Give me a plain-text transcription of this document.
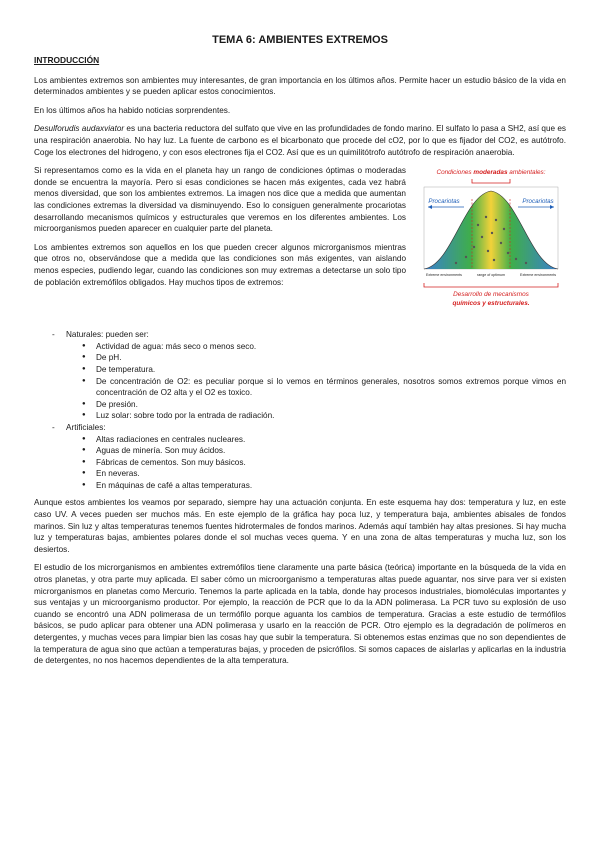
TEMA 6: AMBIENTES EXTREMOS
INTRODUCCIÓN

Los ambientes extremos son ambientes muy interesantes, de gran importancia en los últimos años. Permite hacer un estudio básico de la vida en determinados ambientes y se pueden aplicar estos conocimientos.

En los últimos años ha habido noticias sorprendentes.

Desulforudis audaxviator es una bacteria reductora del sulfato que vive en las profundidades de fondo marino. El sulfato lo pasa a SH2, así que es una respiración anaerobia. No hay luz. La fuente de carbono es el bicarbonato que procede del cO2, por lo que es fijador del CO2, es autótrofo. Coge los electrones del hidrogeno, y con esos electrones fija el CO2. Así que es un quimilitótrofo autótrofo de respiración anaerobia.

Condiciones moderadas ambientales:
Procariotas	Procariotas
Extreme environments	range of optimum	Extreme environments
Desarrollo de mecanismos
químicos y estructurales.

Si representamos como es la vida en el planeta hay un rango de condiciones óptimas o moderadas donde se encuentra la mayoría. Pero si esas condiciones se hacen más exigentes, cada vez habrá menos diversidad, que son los ambientes extremos. La imagen nos dice que a medida que aumentan las condiciones extremas la diversidad va disminuyendo. Eso lo consiguen generalmente procariotas desarrollando mecanismos químicos y estructurales que veremos en los diferentes ambientes. Los microorganismos pueden aparecer en cualquier parte del planeta.

Los ambientes extremos son aquellos en los que pueden crecer algunos microrganismos mientras que otros no, observándose que a medida que las condiciones son más exigentes, van aislando menos especies, pudiendo legar, cuando las condiciones son muy extremas a detectarse un solo tipo de población extremófilos obligados. Hay muchos tipos de extremos:

- Naturales: pueden ser:
● Actividad de agua: más seco o menos seco.
● De pH.
● De temperatura.
● De concentración de O2: es peculiar porque si lo vemos en términos generales, nosotros somos extremos porque vimos en concentración de O2 alta y el O2 es toxico.
● De presión.
● Luz solar: sobre todo por la entrada de radiación.
- Artificiales:
● Altas radiaciones en centrales nucleares.
● Aguas de minería. Son muy ácidos.
● Fábricas de cementos. Son muy básicos.
● En neveras.
● En máquinas de café a altas temperaturas.

Aunque estos ambientes los veamos por separado, siempre hay una actuación conjunta. En este esquema hay dos: temperatura y luz, en este caso UV. A veces pueden ser muchos más. En este ejemplo de la gráfica hay poca luz, y temperatura baja, ambientes abisales de fondos marinos. Sin luz y altas temperaturas tenemos fuentes hidrotermales de fondos marinos. Además aquí también hay altas presiones. Si hay mucha luz y temperaturas bajas, ambientes polares donde el sol muchas veces quema. Y en una zona de altas temperaturas y mucha luz, son los desiertos.

El estudio de los microrganismos en ambientes extremófilos tiene claramente una parte básica (teórica) importante en la búsqueda de la vida en otros planetas, y otra parte muy aplicada. El saber cómo un microorganismo a temperaturas altas puede aguantar, nos sirve para ver si existen microrganismos en planetas como Mercurio. Tenemos la parte aplicada en la tabla, donde hay procesos industriales, biomoléculas importantes y sus ventajas y un microorganismo productor. Por ejemplo, la reacción de PCR que lo da la ADN polimerasa. La PCR tuvo su explosión de uso cuando se encontró una ADN polimerasa de un termófilo porque aguanta los cambios de temperatura. Gracias a este estudio de termófilos básicos, se pudo aplicar para obtener una ADN polimerasa y usarlo en la reacción de PCR. Otro ejemplo es la degradación de polímeros en detergentes, y muchas veces para limpiar bien las cosas hay que subir la temperatura. Si obtenemos estas enzimas que no son dependientes de la temperatura de agua sino que actúan a temperaturas bajas, y proceden de psicrófilos. Si somos capaces de aislarlas y aplicarlas en la industria de detergentes, no nos hacemos dependientes de la alta temperatura.
